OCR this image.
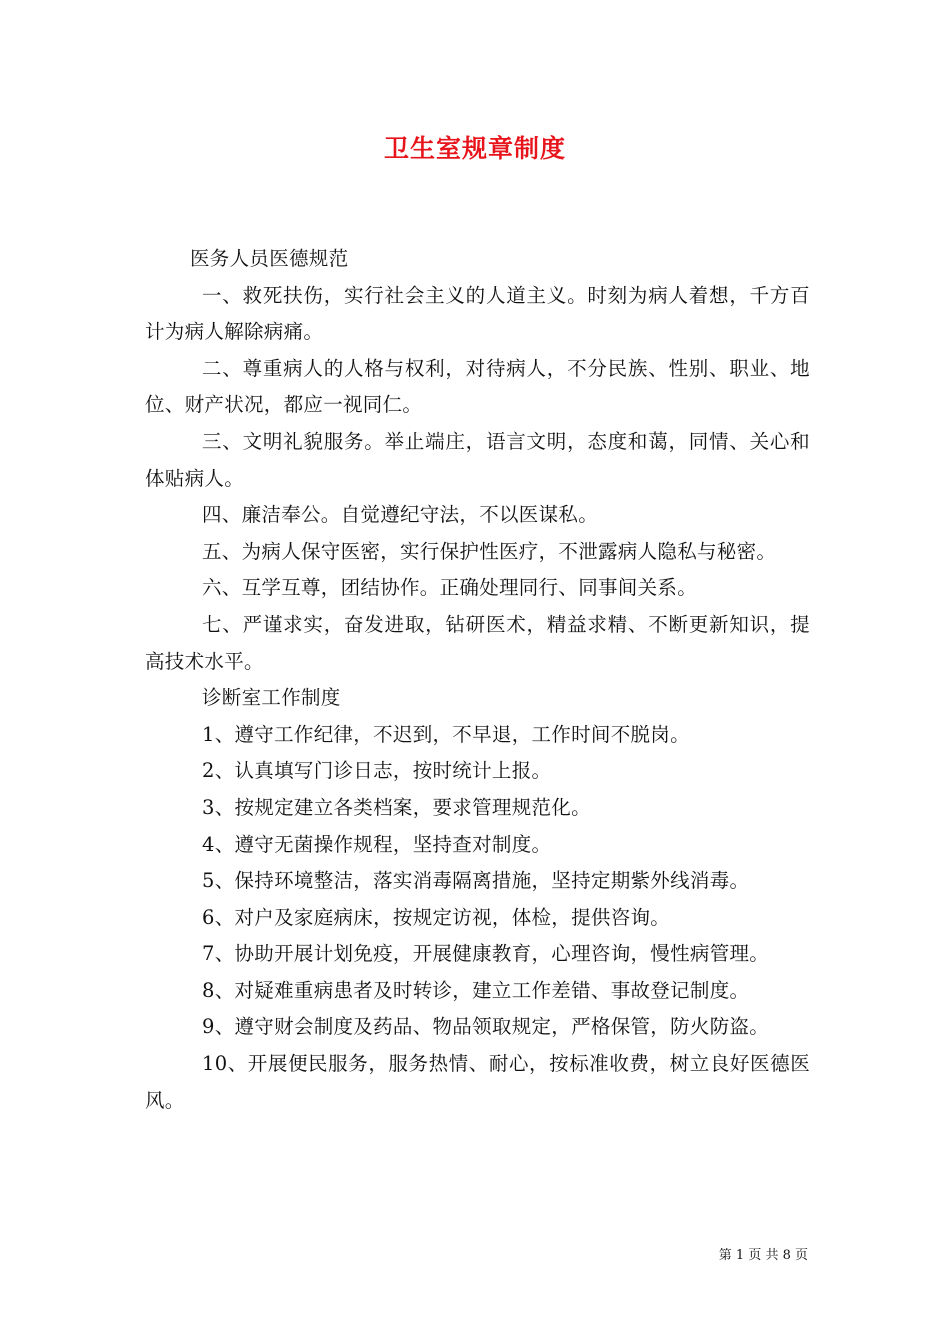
卫生室规章制度

医务人员医德规范

一、救死扶伤，实行社会主义的人道主义。时刻为病人着想，千方百计为病人解除病痛。

二、尊重病人的人格与权利，对待病人，不分民族、性别、职业、地位、财产状况，都应一视同仁。

三、文明礼貌服务。举止端庄，语言文明，态度和蔼，同情、关心和体贴病人。

四、廉洁奉公。自觉遵纪守法，不以医谋私。

五、为病人保守医密，实行保护性医疗，不泄露病人隐私与秘密。

六、互学互尊，团结协作。正确处理同行、同事间关系。

七、严谨求实，奋发进取，钻研医术，精益求精、不断更新知识，提高技术水平。

诊断室工作制度

1、遵守工作纪律，不迟到，不早退，工作时间不脱岗。

2、认真填写门诊日志，按时统计上报。

3、按规定建立各类档案，要求管理规范化。

4、遵守无菌操作规程，坚持查对制度。

5、保持环境整洁，落实消毒隔离措施，坚持定期紫外线消毒。

6、对户及家庭病床，按规定访视，体检，提供咨询。

7、协助开展计划免疫，开展健康教育，心理咨询，慢性病管理。

8、对疑难重病患者及时转诊，建立工作差错、事故登记制度。

9、遵守财会制度及药品、物品领取规定，严格保管，防火防盗。

10、开展便民服务，服务热情、耐心，按标准收费，树立良好医德医风。

第 1 页 共 8 页
